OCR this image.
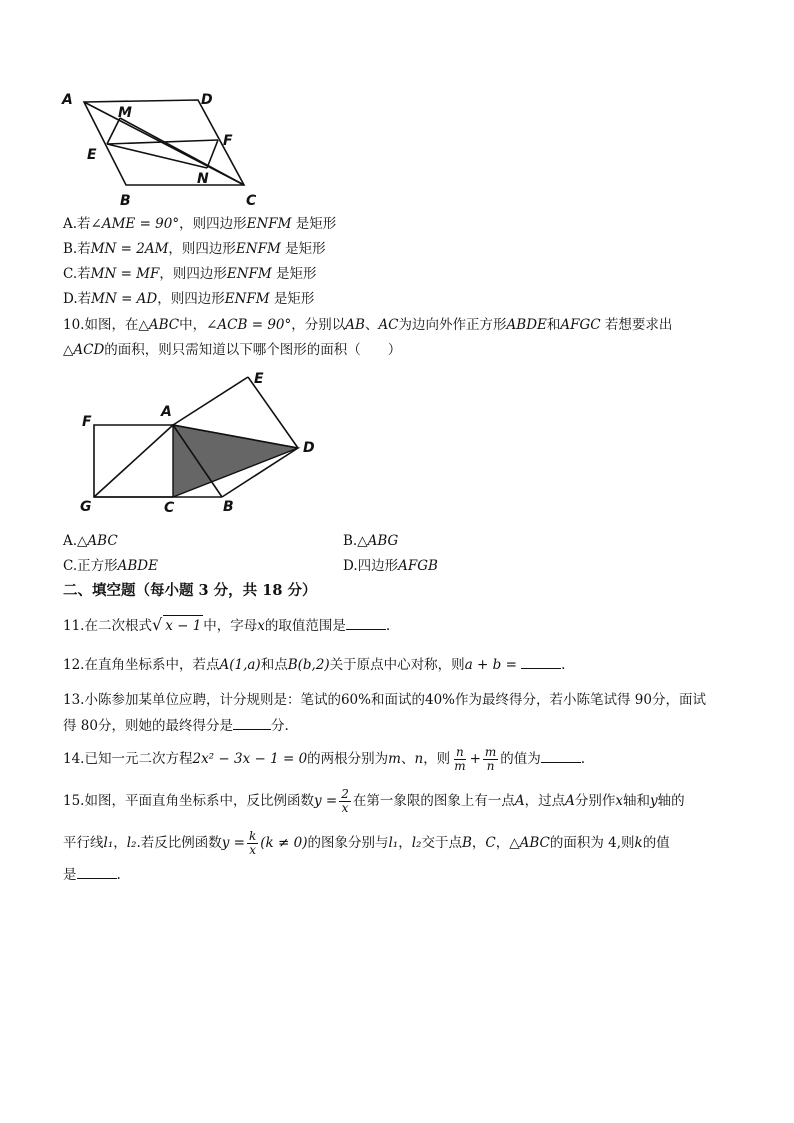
A	D
M
F
E
N
B	C
A.若∠AME = 90°，则四边形ENFM 是矩形
B.若MN = 2AM，则四边形ENFM 是矩形
C.若MN = MF，则四边形ENFM 是矩形
D.若MN = AD，则四边形ENFM 是矩形
10.如图，在△ABC中，∠ACB = 90°，分别以AB、AC为边向外作正方形ABDE和AFGC 若想要求出
△ACD的面积，则只需知道以下哪个图形的面积（　　）
E
F
A
D
G	C	B
A.△ABC	B.△ABG
C.正方形ABDE	D.四边形AFGB
二、填空题（每小题 3 分，共 18 分）
11.在二次根式√ x − 1 中，字母x的取值范围是	.
12.在直角坐标系中，若点A(1,a)和点B(b,2)关于原点中心对称，则a + b =	.
13.小陈参加某单位应聘，计分规则是：笔试的60%和面试的40%作为最终得分，若小陈笔试得 90分，面试
得 80分，则她的最终得分是	分.
14.已知一元二次方程2x² − 3x − 1 = 0的两根分别为m、n，则 $\frac{n}{m} + \frac{m}{n}$ 的值为	.
15.如图，平面直角坐标系中，反比例函数$y = \frac{2}{x}$ 在第一象限的图象上有一点A，过点A分别作x轴和y轴的
平行线l₁，l₂.若反比例函数$y = \frac{k}{x} (k \ne 0)$的图象分别与l₁，l₂交于点B，C，△ABC的面积为 4,则k的值
是	.
